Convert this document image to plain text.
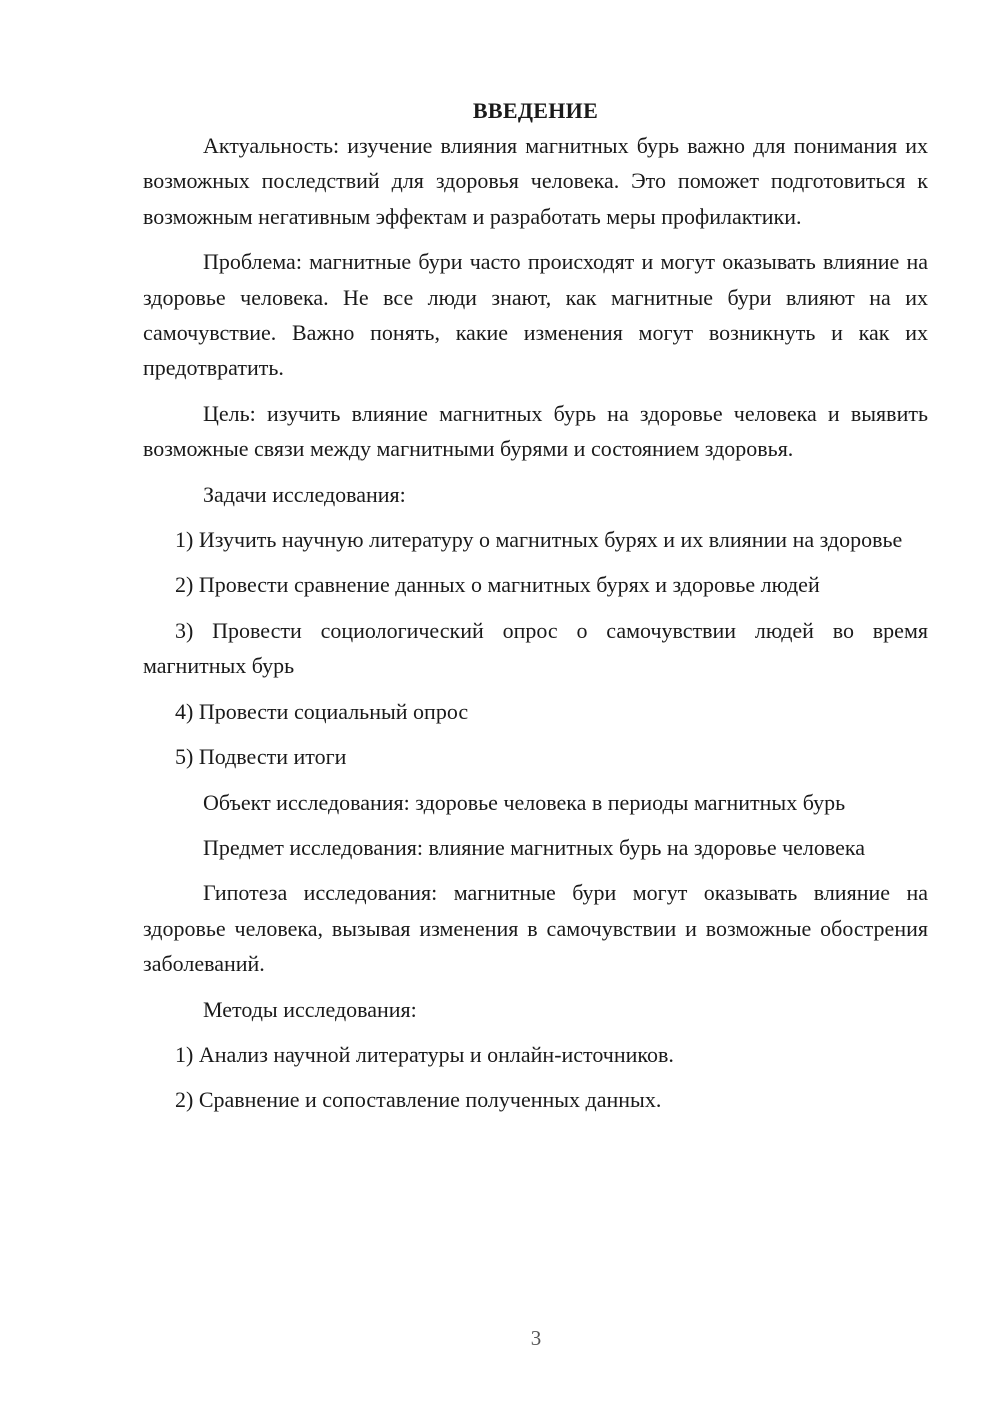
ВВЕДЕНИЕ
Актуальность: изучение влияния магнитных бурь важно для понимания их возможных последствий для здоровья человека. Это поможет подготовиться к возможным негативным эффектам и разработать меры профилактики.
Проблема: магнитные бури часто происходят и могут оказывать влияние на здоровье человека. Не все люди знают, как магнитные бури влияют на их самочувствие. Важно понять, какие изменения могут возникнуть и как их предотвратить.
Цель: изучить влияние магнитных бурь на здоровье человека и выявить возможные связи между магнитными бурями и состоянием здоровья.
Задачи исследования:
1) Изучить научную литературу о магнитных бурях и их влиянии на здоровье
2) Провести сравнение данных о магнитных бурях и здоровье людей
3) Провести социологический опрос о самочувствии людей во время магнитных бурь
4) Провести социальный опрос
5) Подвести итоги
Объект исследования: здоровье человека в периоды магнитных бурь
Предмет исследования: влияние магнитных бурь на здоровье человека
Гипотеза исследования: магнитные бури могут оказывать влияние на здоровье человека, вызывая изменения в самочувствии и возможные обострения заболеваний.
Методы исследования:
1) Анализ научной литературы и онлайн-источников.
2) Сравнение и сопоставление полученных данных.
3
